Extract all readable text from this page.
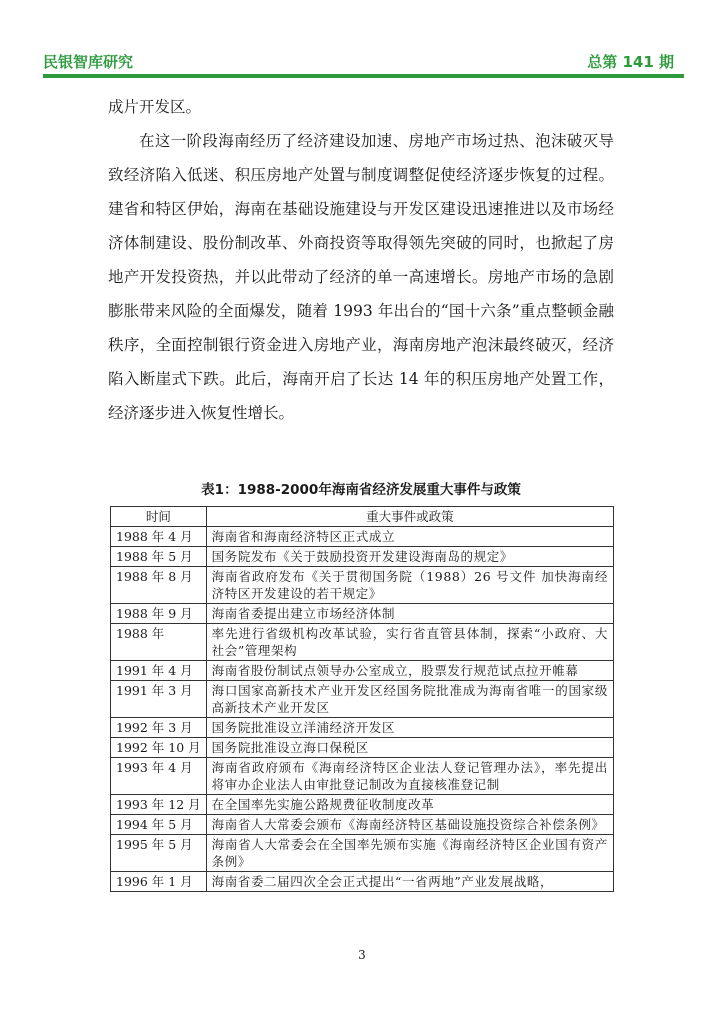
民银智库研究	总第 141 期

成片开发区。

在这一阶段海南经历了经济建设加速、房地产市场过热、泡沫破灭导致经济陷入低迷、积压房地产处置与制度调整促使经济逐步恢复的过程。建省和特区伊始，海南在基础设施建设与开发区建设迅速推进以及市场经济体制建设、股份制改革、外商投资等取得领先突破的同时，也掀起了房地产开发投资热，并以此带动了经济的单一高速增长。房地产市场的急剧膨胀带来风险的全面爆发，随着 1993 年出台的“国十六条”重点整顿金融秩序，全面控制银行资金进入房地产业，海南房地产泡沫最终破灭，经济陷入断崖式下跌。此后，海南开启了长达 14 年的积压房地产处置工作，经济逐步进入恢复性增长。

表1：1988-2000年海南省经济发展重大事件与政策
时间	重大事件或政策
1988 年 4 月	海南省和海南经济特区正式成立
1988 年 5 月	国务院发布《关于鼓励投资开发建设海南岛的规定》
1988 年 8 月	海南省政府发布《关于贯彻国务院（1988）26 号文件 加快海南经济特区开发建设的若干规定》
1988 年 9 月	海南省委提出建立市场经济体制
1988 年	率先进行省级机构改革试验，实行省直管县体制，探索“小政府、大社会”管理架构
1991 年 4 月	海南省股份制试点领导办公室成立，股票发行规范试点拉开帷幕
1991 年 3 月	海口国家高新技术产业开发区经国务院批准成为海南省唯一的国家级高新技术产业开发区
1992 年 3 月	国务院批准设立洋浦经济开发区
1992 年 10 月	国务院批准设立海口保税区
1993 年 4 月	海南省政府颁布《海南经济特区企业法人登记管理办法》，率先提出将审办企业法人由审批登记制改为直接核准登记制
1993 年 12 月	在全国率先实施公路规费征收制度改革
1994 年 5 月	海南省人大常委会颁布《海南经济特区基础设施投资综合补偿条例》
1995 年 5 月	海南省人大常委会在全国率先颁布实施《海南经济特区企业国有资产条例》
1996 年 1 月	海南省委二届四次全会正式提出“一省两地”产业发展战略，
3
